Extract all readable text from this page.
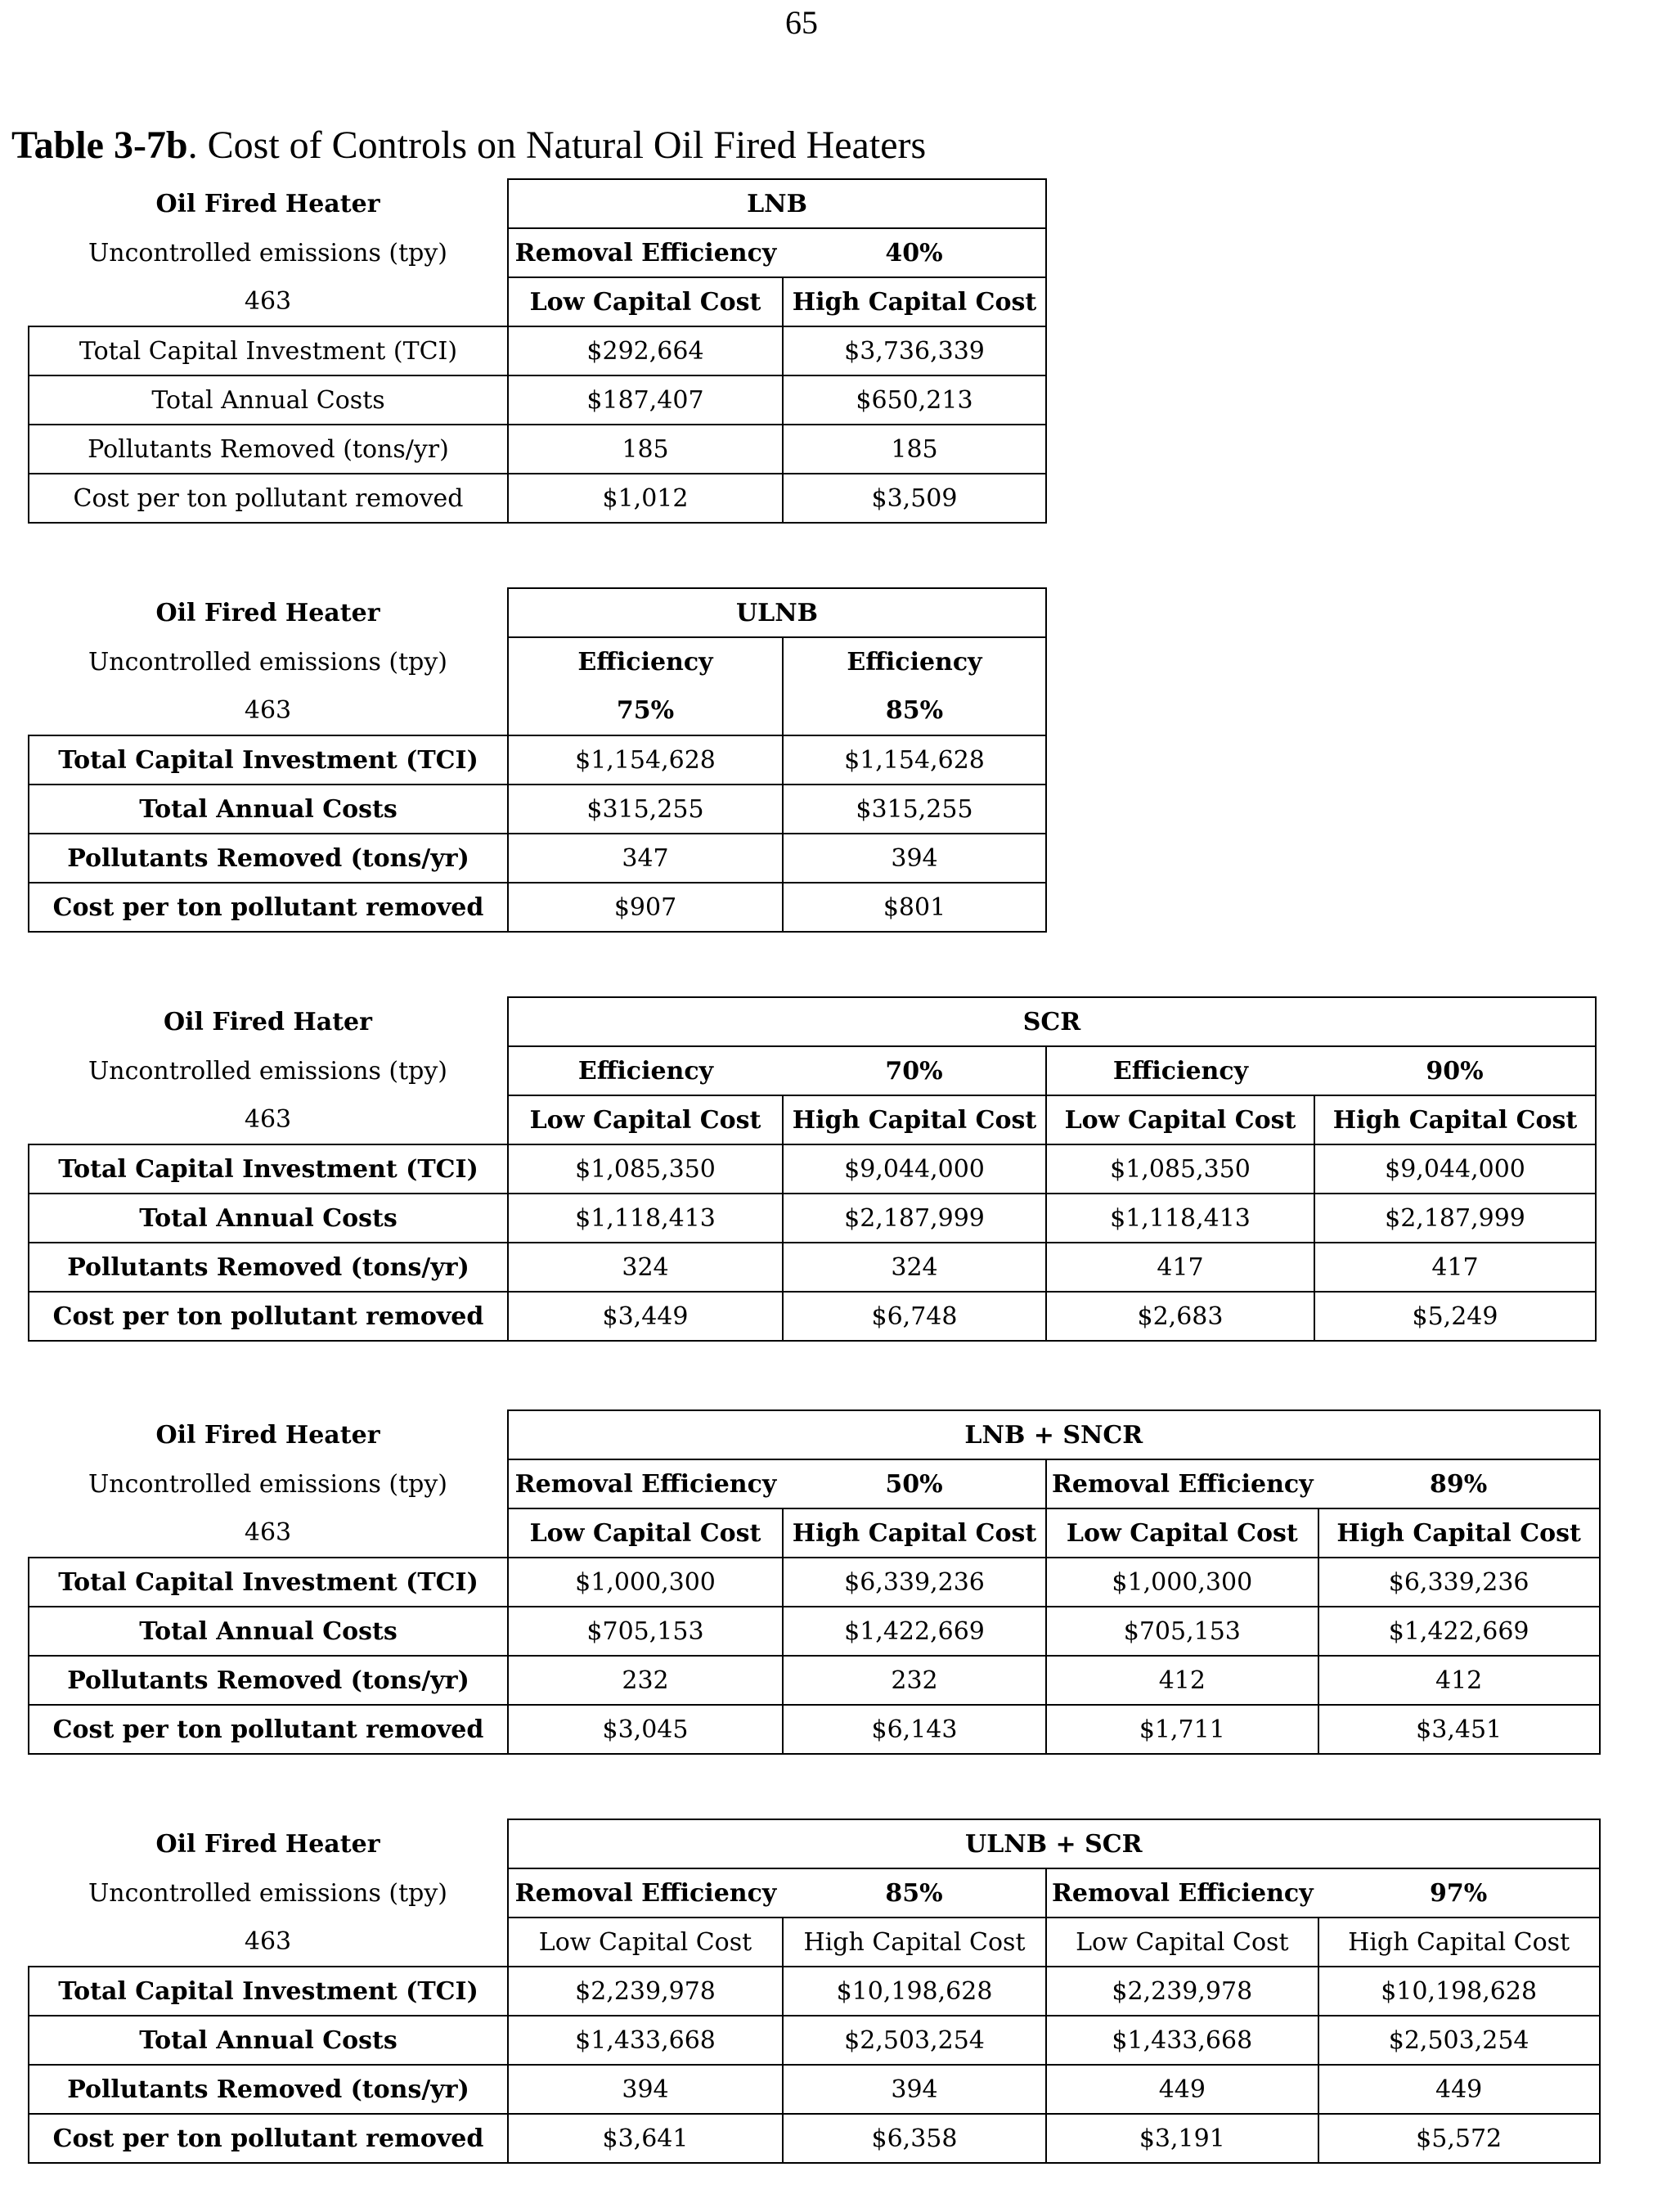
65
Table 3-7b. Cost of Controls on Natural Oil Fired Heaters
Oil Fired Heater	LNB	
Uncontrolled emissions (tpy)	Removal Efficiency	40%
463	Low Capital Cost	High Capital Cost
Total Capital Investment (TCI)	$292,664	$3,736,339
Total Annual Costs	$187,407	$650,213
Pollutants Removed (tons/yr)	185	185
Cost per ton pollutant removed	$1,012	$3,509
Oil Fired Heater	ULNB	
Uncontrolled emissions (tpy)	Efficiency	Efficiency
463	75%	85%
Total Capital Investment (TCI)	$1,154,628	$1,154,628
Total Annual Costs	$315,255	$315,255
Pollutants Removed (tons/yr)	347	394
Cost per ton pollutant removed	$907	$801
Oil Fired Hater	SCR			
Uncontrolled emissions (tpy)	Efficiency	70%	Efficiency	90%
463	Low Capital Cost	High Capital Cost	Low Capital Cost	High Capital Cost
Total Capital Investment (TCI)	$1,085,350	$9,044,000	$1,085,350	$9,044,000
Total Annual Costs	$1,118,413	$2,187,999	$1,118,413	$2,187,999
Pollutants Removed (tons/yr)	324	324	417	417
Cost per ton pollutant removed	$3,449	$6,748	$2,683	$5,249
Oil Fired Heater	LNB + SNCR			
Uncontrolled emissions (tpy)	Removal Efficiency	50%	Removal Efficiency	89%
463	Low Capital Cost	High Capital Cost	Low Capital Cost	High Capital Cost
Total Capital Investment (TCI)	$1,000,300	$6,339,236	$1,000,300	$6,339,236
Total Annual Costs	$705,153	$1,422,669	$705,153	$1,422,669
Pollutants Removed (tons/yr)	232	232	412	412
Cost per ton pollutant removed	$3,045	$6,143	$1,711	$3,451
Oil Fired Heater	ULNB + SCR			
Uncontrolled emissions (tpy)	Removal Efficiency	85%	Removal Efficiency	97%
463	Low Capital Cost	High Capital Cost	Low Capital Cost	High Capital Cost
Total Capital Investment (TCI)	$2,239,978	$10,198,628	$2,239,978	$10,198,628
Total Annual Costs	$1,433,668	$2,503,254	$1,433,668	$2,503,254
Pollutants Removed (tons/yr)	394	394	449	449
Cost per ton pollutant removed	$3,641	$6,358	$3,191	$5,572
